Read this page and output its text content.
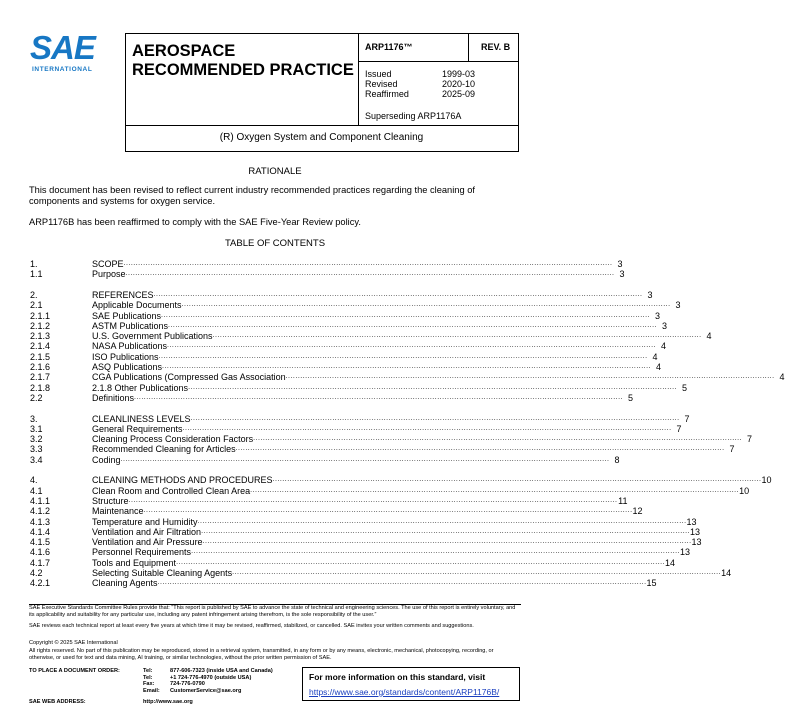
SAE
INTERNATIONAL
AEROSPACE
RECOMMENDED PRACTICE
ARP1176™	REV. B
Issued	1999-03
Revised	2020-10
Reaffirmed	2025-09
Superseding ARP1176A
(R) Oxygen System and Component Cleaning
RATIONALE
This document has been revised to reflect current industry recommended practices regarding the cleaning of components and systems for oxygen service.
ARP1176B has been reaffirmed to comply with the SAE Five-Year Review policy.
TABLE OF CONTENTS
1.	SCOPE ........................................................................................................................................................................................................ 3
1.1	Purpose ........................................................................................................................................................................................................ 3
2.	REFERENCES ........................................................................................................................................................................................................ 3
2.1	Applicable Documents ........................................................................................................................................................................................................ 3
2.1.1	SAE Publications ........................................................................................................................................................................................................ 3
2.1.2	ASTM Publications ........................................................................................................................................................................................................ 3
2.1.3	U.S. Government Publications ........................................................................................................................................................................................................ 4
2.1.4	NASA Publications ........................................................................................................................................................................................................ 4
2.1.5	ISO Publications ........................................................................................................................................................................................................ 4
2.1.6	ASQ Publications ........................................................................................................................................................................................................ 4
2.1.7	CGA Publications (Compressed Gas Association ........................................................................................................................................................................................................ 4
2.1.8	2.1.8 Other Publications ........................................................................................................................................................................................................ 5
2.2	Definitions ........................................................................................................................................................................................................ 5
3.	CLEANLINESS LEVELS ........................................................................................................................................................................................................ 7
3.1	General Requirements ........................................................................................................................................................................................................ 7
3.2	Cleaning Process Consideration Factors ........................................................................................................................................................................................................ 7
3.3	Recommended Cleaning for Articles ........................................................................................................................................................................................................ 7
3.4	Coding ........................................................................................................................................................................................................ 8
4.	CLEANING METHODS AND PROCEDURES ........................................................................................................................................................................................................ 10
4.1	Clean Room and Controlled Clean Area ........................................................................................................................................................................................................ 10
4.1.1	Structure ........................................................................................................................................................................................................ 11
4.1.2	Maintenance ........................................................................................................................................................................................................ 12
4.1.3	Temperature and Humidity ........................................................................................................................................................................................................ 13
4.1.4	Ventilation and Air Filtration ........................................................................................................................................................................................................ 13
4.1.5	Ventilation and Air Pressure ........................................................................................................................................................................................................ 13
4.1.6	Personnel Requirements ........................................................................................................................................................................................................ 13
4.1.7	Tools and Equipment ........................................................................................................................................................................................................ 14
4.2	Selecting Suitable Cleaning Agents ........................................................................................................................................................................................................ 14
4.2.1	Cleaning Agents ........................................................................................................................................................................................................ 15
SAE Executive Standards Committee Rules provide that: “This report is published by SAE to advance the state of technical and engineering sciences. The use of this report is entirely voluntary, and its applicability and suitability for any particular use, including any patent infringement arising therefrom, is the sole responsibility of the user.”
SAE reviews each technical report at least every five years at which time it may be revised, reaffirmed, stabilized, or cancelled. SAE invites your written comments and suggestions.
Copyright © 2025 SAE International
All rights reserved. No part of this publication may be reproduced, stored in a retrieval system, transmitted, in any form or by any means, electronic, mechanical, photocopying, recording, or otherwise, or used for text and data mining, AI training, or similar technologies, without the prior written permission of SAE.
TO PLACE A DOCUMENT ORDER:	Tel:	877-606-7323 (inside USA and Canada)
Tel:	+1 724-776-4970 (outside USA)
Fax:	724-776-0790
Email:	CustomerService@sae.org
SAE WEB ADDRESS:	http://www.sae.org
For more information on this standard, visit
https://www.sae.org/standards/content/ARP1176B/
